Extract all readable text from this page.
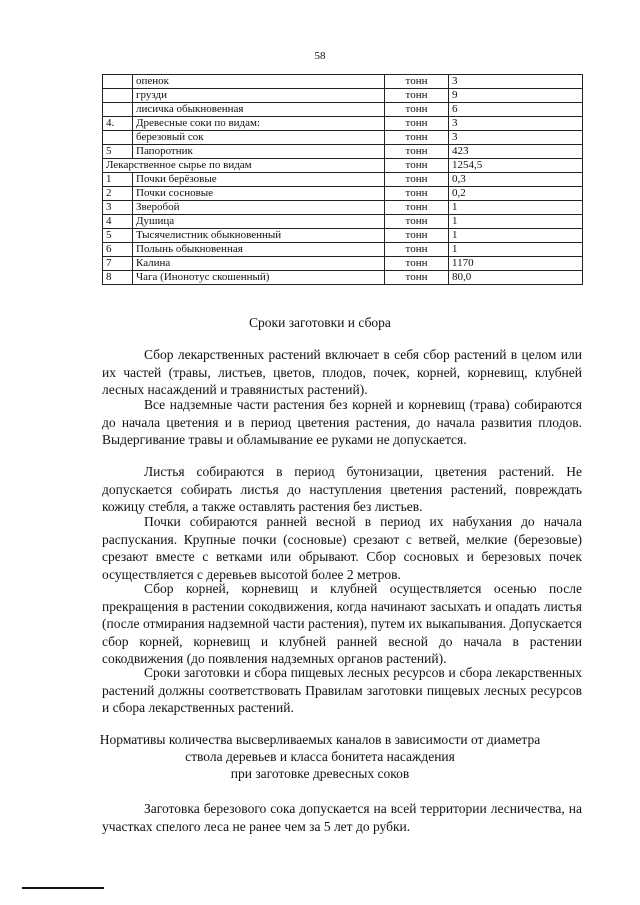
58
	опенок	тонн	3
	грузди	тонн	9
	лисичка обыкновенная	тонн	6
4.	Древесные соки по видам:	тонн	3
	березовый сок	тонн	3
5	Папоротник	тонн	423
Лекарственное сырье по видам		тонн	1254,5
1	Почки берёзовые	тонн	0,3
2	Почки сосновые	тонн	0,2
3	Зверобой	тонн	1
4	Душица	тонн	1
5	Тысячелистник обыкновенный	тонн	1
6	Полынь обыкновенная	тонн	1
7	Калина	тонн	1170
8	Чага (Инонотус скошенный)	тонн	80,0
Сроки заготовки и сбора

Сбор лекарственных растений включает в себя сбор растений в целом или их частей (травы, листьев, цветов, плодов, почек, корней, корневищ, клубней лесных насаждений и травянистых растений).

Все надземные части растения без корней и корневищ (трава) собираются до начала цветения и в период цветения растения, до начала развития плодов. Выдергивание травы и обламывание ее руками не допускается.

Листья собираются в период бутонизации, цветения растений. Не допускается собирать листья до наступления цветения растений, повреждать кожицу стебля, а также оставлять растения без листьев.

Почки собираются ранней весной в период их набухания до начала распускания. Крупные почки (сосновые) срезают с ветвей, мелкие (березовые) срезают вместе с ветками или обрывают. Сбор сосновых и березовых почек осуществляется с деревьев высотой более 2 метров.

Сбор корней, корневищ и клубней осуществляется осенью после прекращения в растении сокодвижения, когда начинают засыхать и опадать листья (после отмирания надземной части растения), путем их выкапывания. Допускается сбор корней, корневищ и клубней ранней весной до начала в растении сокодвижения (до появления надземных органов растений).

Сроки заготовки и сбора пищевых лесных ресурсов и сбора лекарственных растений должны соответствовать Правилам заготовки пищевых лесных ресурсов и сбора лекарственных растений.

Нормативы количества высверливаемых каналов в зависимости от диаметра
ствола деревьев и класса бонитета насаждения
при заготовке древесных соков

Заготовка березового сока допускается на всей территории лесничества, на участках спелого леса не ранее чем за 5 лет до рубки.
